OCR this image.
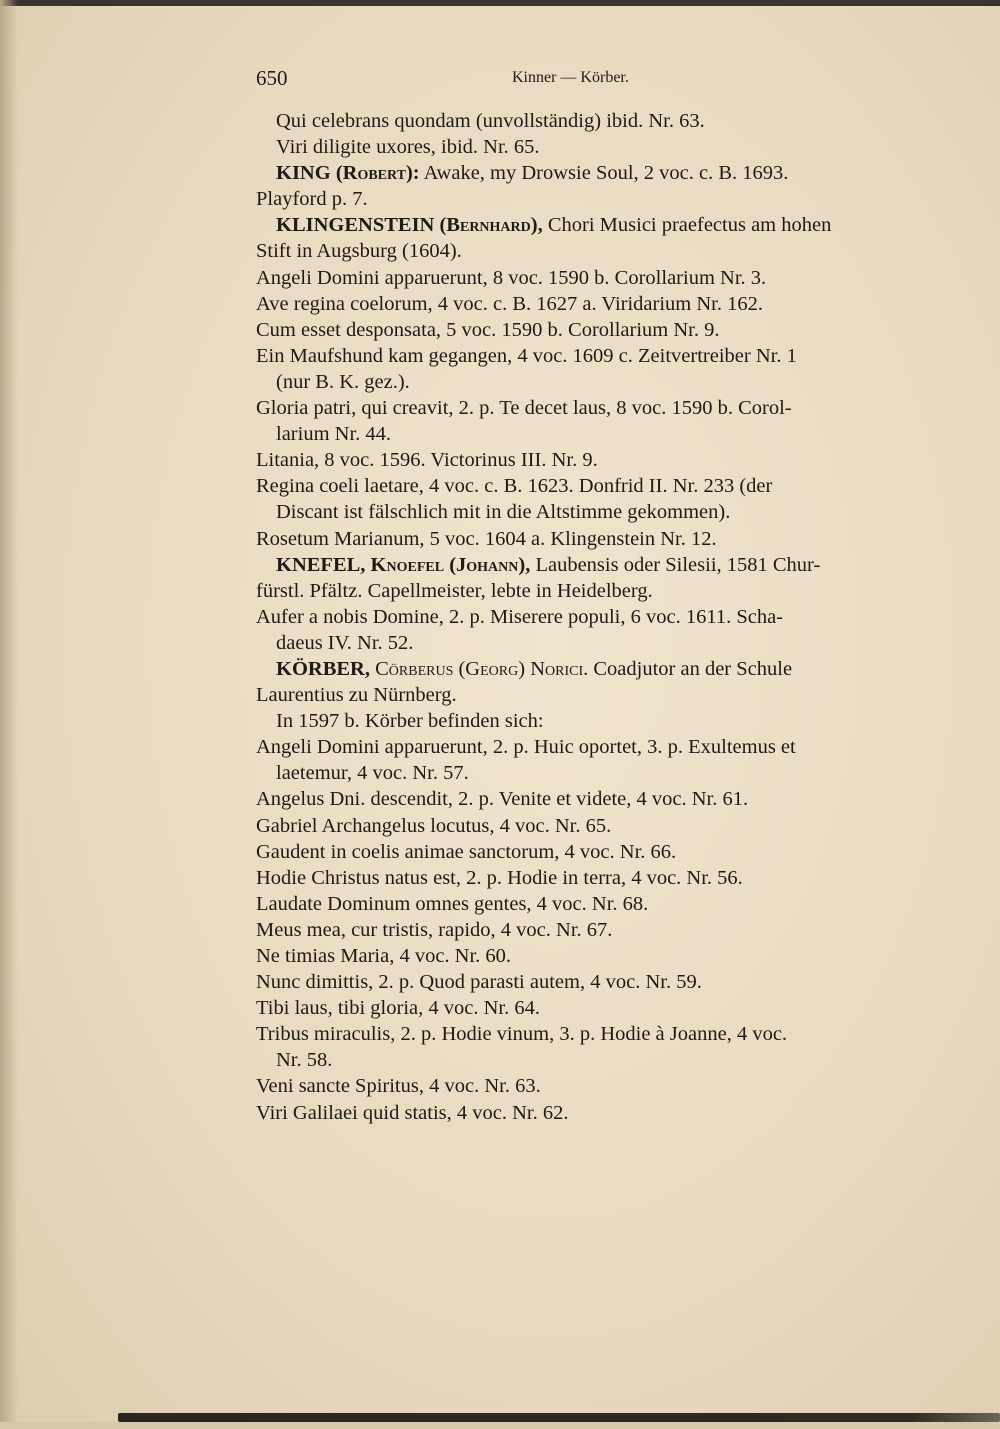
650	Kinner — Körber.
Qui celebrans quondam (unvollständig) ibid. Nr. 63.
Viri diligite uxores, ibid. Nr. 65.
KING (Robert): Awake, my Drowsie Soul, 2 voc. c. B. 1693.
Playford p. 7.
KLINGENSTEIN (Bernhard), Chori Musici praefectus am hohen
Stift in Augsburg (1604).
Angeli Domini apparuerunt, 8 voc. 1590 b. Corollarium Nr. 3.
Ave regina coelorum, 4 voc. c. B. 1627 a. Viridarium Nr. 162.
Cum esset desponsata, 5 voc. 1590 b. Corollarium Nr. 9.
Ein Maufshund kam gegangen, 4 voc. 1609 c. Zeitvertreiber Nr. 1
(nur B. K. gez.).
Gloria patri, qui creavit, 2. p. Te decet laus, 8 voc. 1590 b. Corol-
larium Nr. 44.
Litania, 8 voc. 1596. Victorinus III. Nr. 9.
Regina coeli laetare, 4 voc. c. B. 1623. Donfrid II. Nr. 233 (der
Discant ist fälschlich mit in die Altstimme gekommen).
Rosetum Marianum, 5 voc. 1604 a. Klingenstein Nr. 12.
KNEFEL, Knoefel (Johann), Laubensis oder Silesii, 1581 Chur-
fürstl. Pfältz. Capellmeister, lebte in Heidelberg.
Aufer a nobis Domine, 2. p. Miserere populi, 6 voc. 1611. Scha-
daeus IV. Nr. 52.
KÖRBER, Cörberus (Georg) Norici. Coadjutor an der Schule
Laurentius zu Nürnberg.
In 1597 b. Körber befinden sich:
Angeli Domini apparuerunt, 2. p. Huic oportet, 3. p. Exultemus et
laetemur, 4 voc. Nr. 57.
Angelus Dni. descendit, 2. p. Venite et videte, 4 voc. Nr. 61.
Gabriel Archangelus locutus, 4 voc. Nr. 65.
Gaudent in coelis animae sanctorum, 4 voc. Nr. 66.
Hodie Christus natus est, 2. p. Hodie in terra, 4 voc. Nr. 56.
Laudate Dominum omnes gentes, 4 voc. Nr. 68.
Meus mea, cur tristis, rapido, 4 voc. Nr. 67.
Ne timias Maria, 4 voc. Nr. 60.
Nunc dimittis, 2. p. Quod parasti autem, 4 voc. Nr. 59.
Tibi laus, tibi gloria, 4 voc. Nr. 64.
Tribus miraculis, 2. p. Hodie vinum, 3. p. Hodie à Joanne, 4 voc.
Nr. 58.
Veni sancte Spiritus, 4 voc. Nr. 63.
Viri Galilaei quid statis, 4 voc. Nr. 62.
